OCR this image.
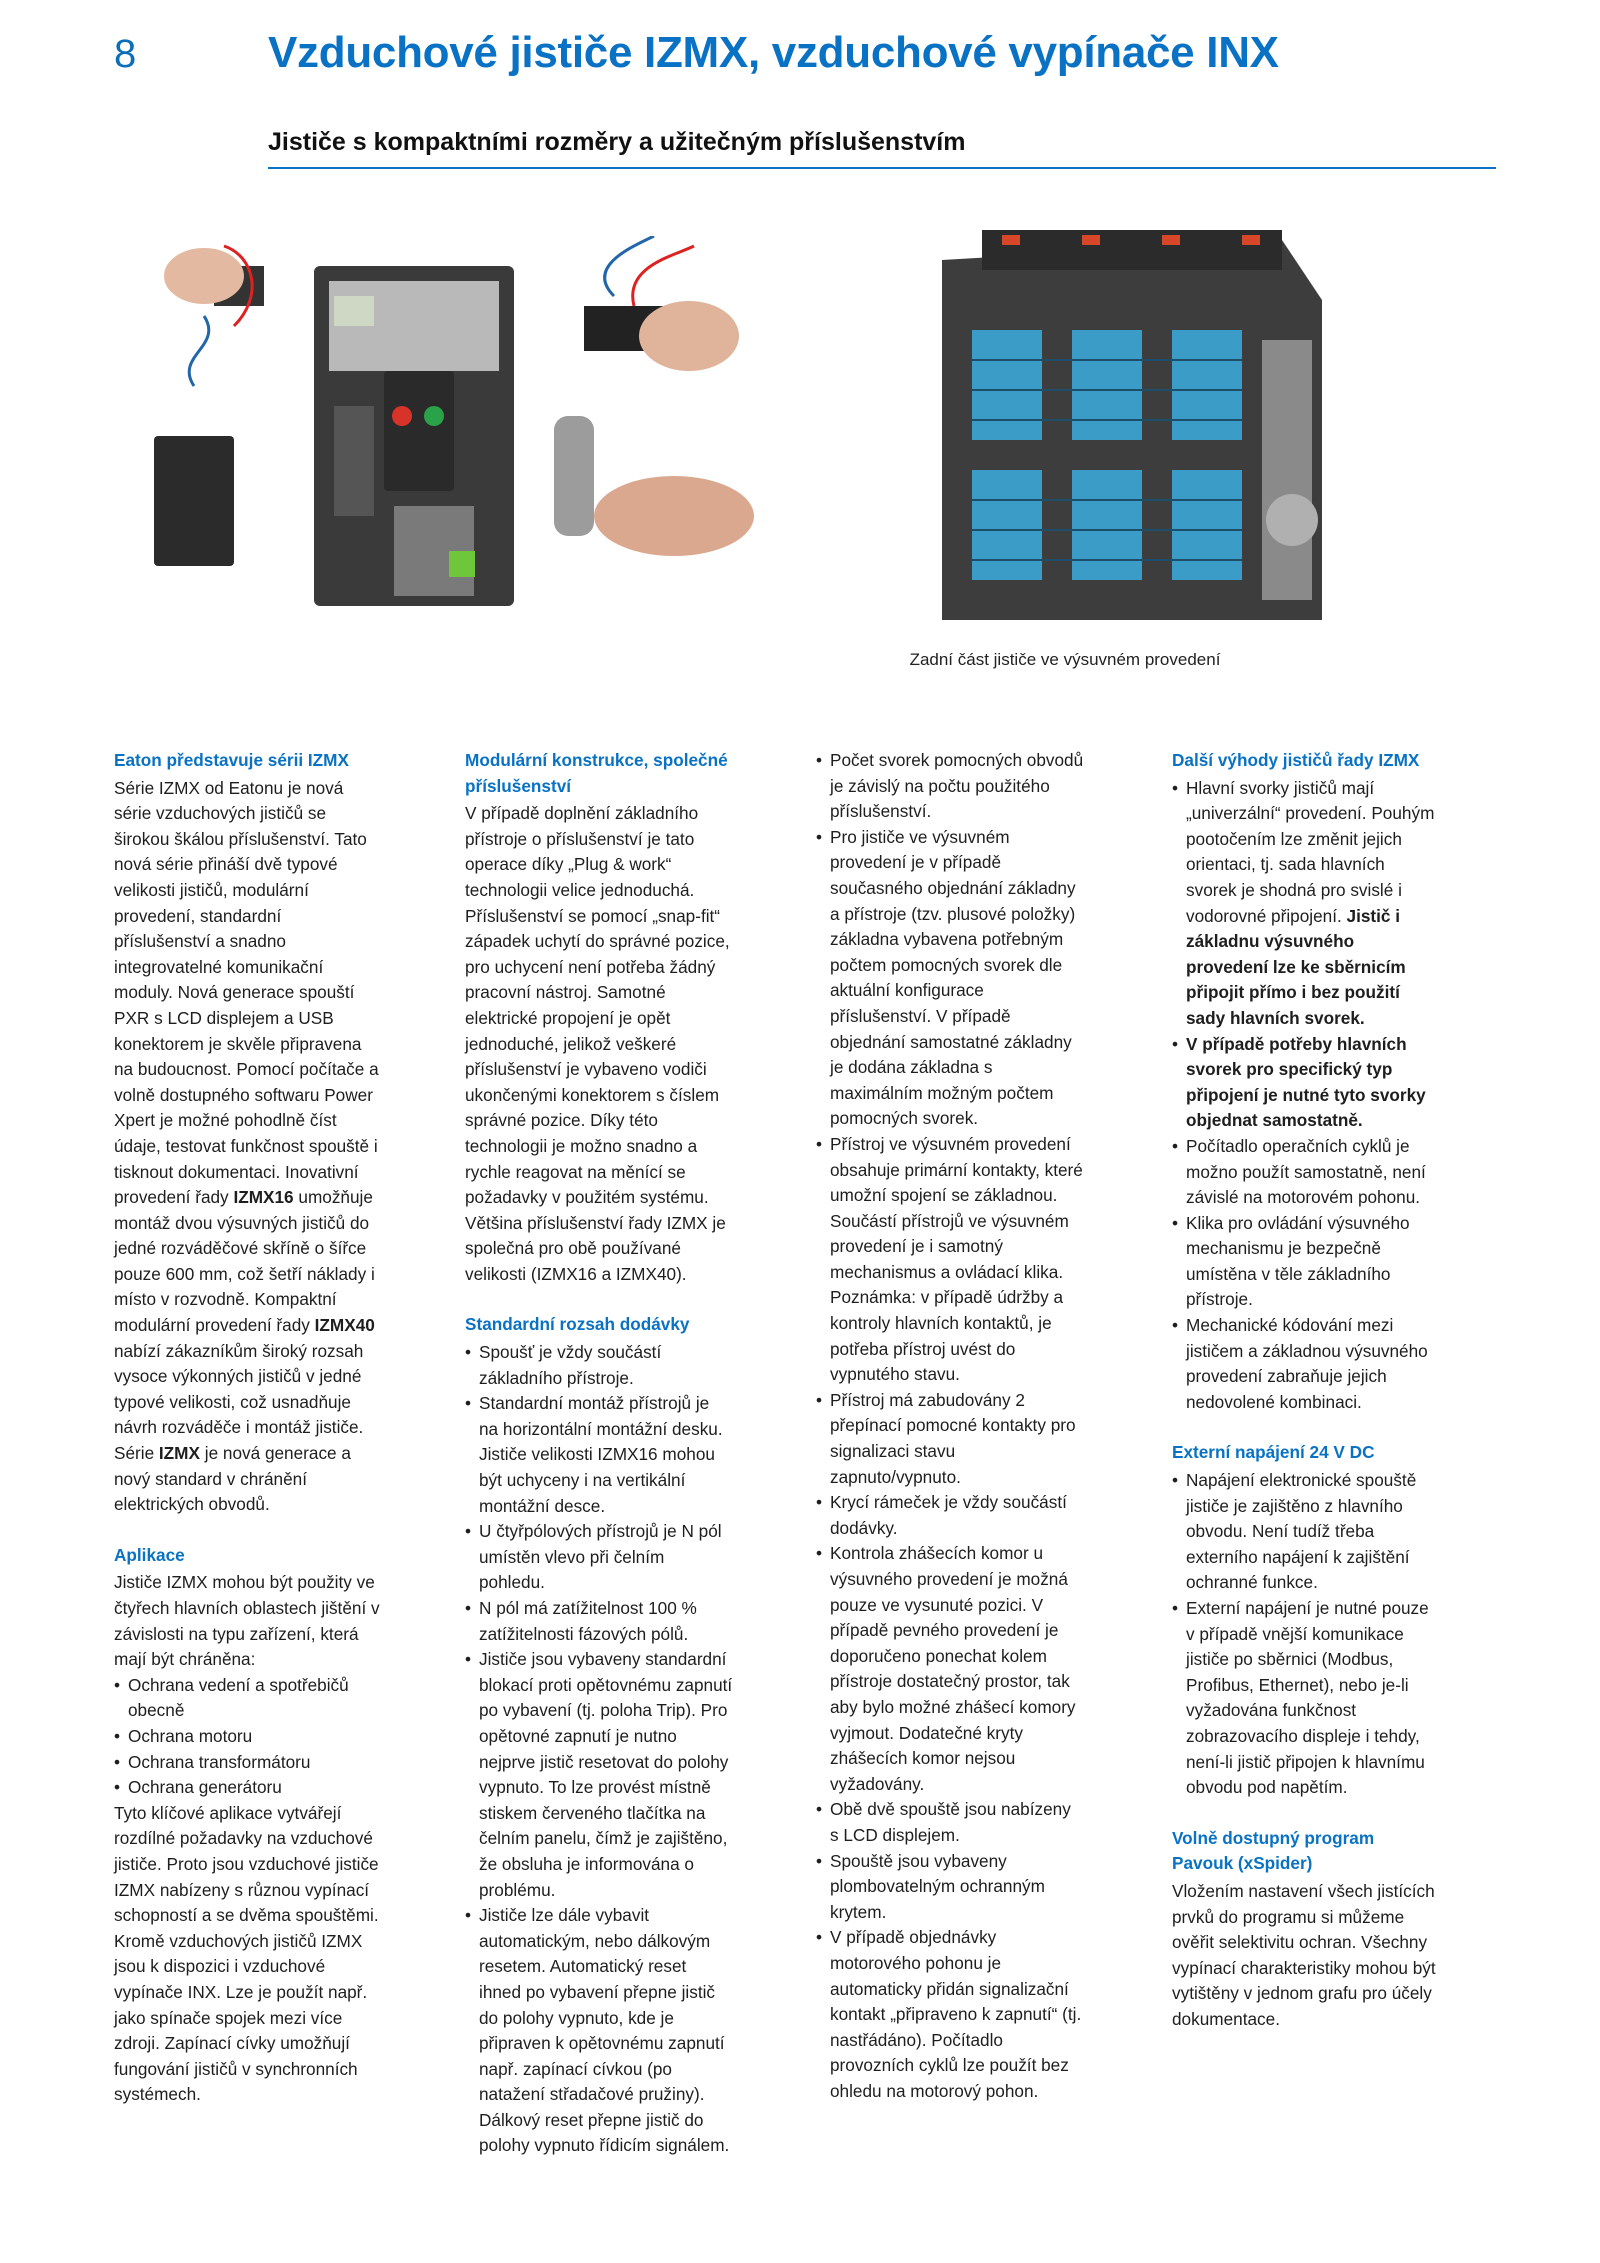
8	Vzduchové jističe IZMX, vzduchové vypínače INX
Jističe s kompaktními rozměry a užitečným příslušenstvím
Zadní část jističe ve výsuvném provedení
Eaton představuje sérii IZMX

Série IZMX od Eatonu je nová série vzduchových jističů se širokou škálou příslušenství. Tato nová série přináší dvě typové velikosti jističů, modulární provedení, standardní příslušenství a snadno integrovatelné komunikační moduly. Nová generace spouští PXR s LCD displejem a USB konektorem je skvěle připravena na budoucnost. Pomocí počítače a volně dostupného softwaru Power Xpert je možné pohodlně číst údaje, testovat funkčnost spouště i tisknout dokumentaci. Inovativní provedení řady IZMX16 umožňuje montáž dvou výsuvných jističů do jedné rozváděčové skříně o šířce pouze 600 mm, což šetří náklady i místo v rozvodně. Kompaktní modulární provedení řady IZMX40 nabízí zákazníkům široký rozsah vysoce výkonných jističů v jedné typové velikosti, což usnadňuje návrh rozváděče i montáž jističe. Série IZMX je nová generace a nový standard v chránění elektrických obvodů.

Aplikace

Jističe IZMX mohou být použity ve čtyřech hlavních oblastech jištění v závislosti na typu zařízení, která mají být chráněna:

• Ochrana vedení a spotřebičů obecně
• Ochrana motoru
• Ochrana transformátoru
• Ochrana generátoru

Tyto klíčové aplikace vytvářejí rozdílné požadavky na vzduchové jističe. Proto jsou vzduchové jističe IZMX nabízeny s různou vypínací schopností a se dvěma spouštěmi.

Kromě vzduchových jističů IZMX jsou k dispozici i vzduchové vypínače INX. Lze je použít např. jako spínače spojek mezi více zdroji. Zapínací cívky umožňují fungování jističů v synchronních systémech.

Modulární konstrukce, společné příslušenství

V případě doplnění základního přístroje o příslušenství je tato operace díky „Plug & work“ technologii velice jednoduchá. Příslušenství se pomocí „snap-fit“ západek uchytí do správné pozice, pro uchycení není potřeba žádný pracovní nástroj. Samotné elektrické propojení je opět jednoduché, jelikož veškeré příslušenství je vybaveno vodiči ukončenými konektorem s číslem správné pozice. Díky této technologii je možno snadno a rychle reagovat na měnící se požadavky v použitém systému. Většina příslušenství řady IZMX je společná pro obě používané velikosti (IZMX16 a IZMX40).

Standardní rozsah dodávky
• Spoušť je vždy součástí základního přístroje.
• Standardní montáž přístrojů je na horizontální montážní desku. Jističe velikosti IZMX16 mohou být uchyceny i na vertikální montážní desce.
• U čtyřpólových přístrojů je N pól umístěn vlevo při čelním pohledu.
• N pól má zatížitelnost 100 % zatížitelnosti fázových pólů.
• Jističe jsou vybaveny standardní blokací proti opětovnému zapnutí po vybavení (tj. poloha Trip). Pro opětovné zapnutí je nutno nejprve jistič resetovat do polohy vypnuto. To lze provést místně stiskem červeného tlačítka na čelním panelu, čímž je zajištěno, že obsluha je informována o problému.
• Jističe lze dále vybavit automatickým, nebo dálkovým resetem. Automatický reset ihned po vybavení přepne jistič do polohy vypnuto, kde je připraven k opětovnému zapnutí např. zapínací cívkou (po natažení střadačové pružiny). Dálkový reset přepne jistič do polohy vypnuto řídicím signálem.
• Počet svorek pomocných obvodů je závislý na počtu použitého příslušenství.
• Pro jističe ve výsuvném provedení je v případě současného objednání základny a přístroje (tzv. plusové položky) základna vybavena potřebným počtem pomocných svorek dle aktuální konfigurace příslušenství. V případě objednání samostatné základny je dodána základna s maximálním možným počtem pomocných svorek.
• Přístroj ve výsuvném provedení obsahuje primární kontakty, které umožní spojení se základnou. Součástí přístrojů ve výsuvném provedení je i samotný mechanismus a ovládací klika. Poznámka: v případě údržby a kontroly hlavních kontaktů, je potřeba přístroj uvést do vypnutého stavu.
• Přístroj má zabudovány 2 přepínací pomocné kontakty pro signalizaci stavu zapnuto/vypnuto.
• Krycí rámeček je vždy součástí dodávky.
• Kontrola zhášecích komor u výsuvného provedení je možná pouze ve vysunuté pozici. V případě pevného provedení je doporučeno ponechat kolem přístroje dostatečný prostor, tak aby bylo možné zhášecí komory vyjmout. Dodatečné kryty zhášecích komor nejsou vyžadovány.
• Obě dvě spouště jsou nabízeny s LCD displejem.
• Spouště jsou vybaveny plombovatelným ochranným krytem.
• V případě objednávky motorového pohonu je automaticky přidán signalizační kontakt „připraveno k zapnutí“ (tj. nastřádáno). Počítadlo provozních cyklů lze použít bez ohledu na motorový pohon.
Další výhody jističů řady IZMX
• Hlavní svorky jističů mají „univerzální“ provedení. Pouhým pootočením lze změnit jejich orientaci, tj. sada hlavních svorek je shodná pro svislé i vodorovné připojení. Jistič i základnu výsuvného provedení lze ke sběrnicím připojit přímo i bez použití sady hlavních svorek.
• V případě potřeby hlavních svorek pro specifický typ připojení je nutné tyto svorky objednat samostatně.
• Počítadlo operačních cyklů je možno použít samostatně, není závislé na motorovém pohonu.
• Klika pro ovládání výsuvného mechanismu je bezpečně umístěna v těle základního přístroje.
• Mechanické kódování mezi jističem a základnou výsuvného provedení zabraňuje jejich nedovolené kombinaci.
Externí napájení 24 V DC
• Napájení elektronické spouště jističe je zajištěno z hlavního obvodu. Není tudíž třeba externího napájení k zajištění ochranné funkce.
• Externí napájení je nutné pouze v případě vnější komunikace jističe po sběrnici (Modbus, Profibus, Ethernet), nebo je-li vyžadována funkčnost zobrazovacího displeje i tehdy, není-li jistič připojen k hlavnímu obvodu pod napětím.
Volně dostupný program Pavouk (xSpider)

Vložením nastavení všech jistících prvků do programu si můžeme ověřit selektivitu ochran. Všechny vypínací charakteristiky mohou být vytištěny v jednom grafu pro účely dokumentace.
